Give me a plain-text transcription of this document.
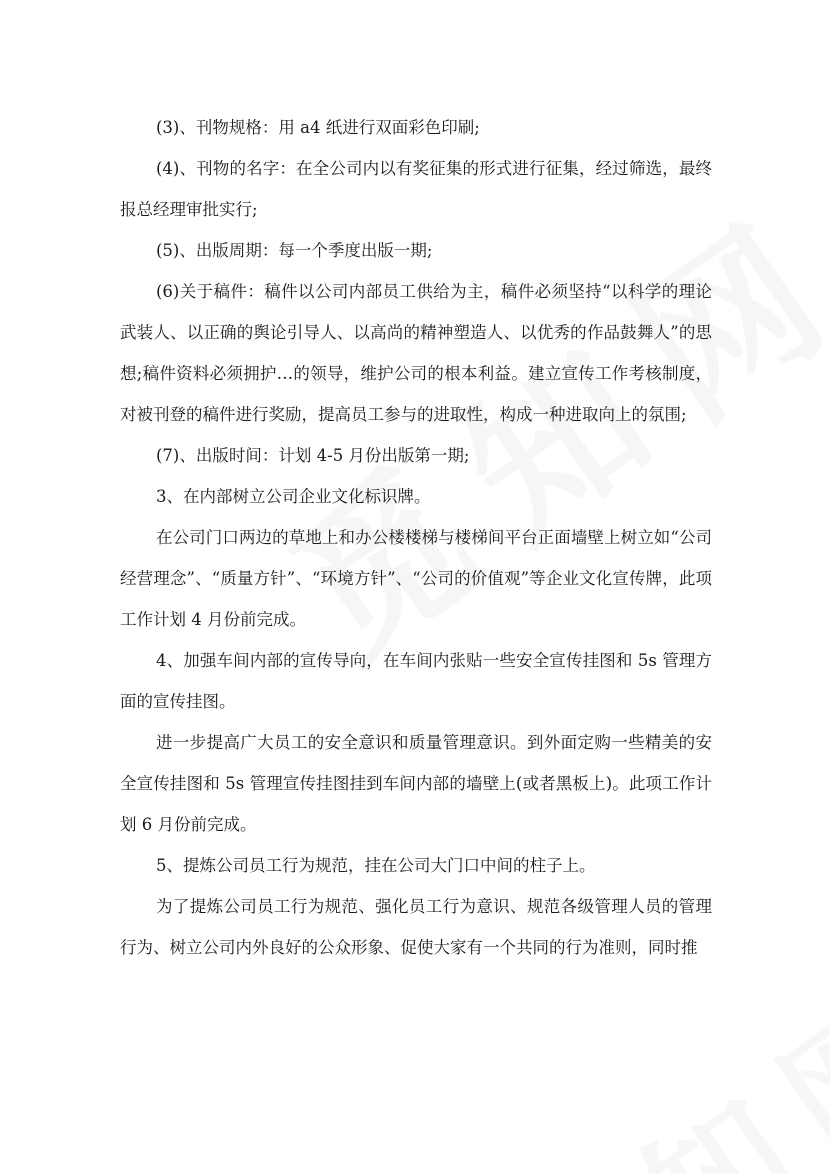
(3)、刊物规格：用 a4 纸进行双面彩色印刷;

(4)、刊物的名字：在全公司内以有奖征集的形式进行征集，经过筛选，最终报总经理审批实行;

(5)、出版周期：每一个季度出版一期;

(6)关于稿件：稿件以公司内部员工供给为主，稿件必须坚持“以科学的理论武装人、以正确的舆论引导人、以高尚的精神塑造人、以优秀的作品鼓舞人”的思想;稿件资料必须拥护…的领导，维护公司的根本利益。建立宣传工作考核制度，对被刊登的稿件进行奖励，提高员工参与的进取性，构成一种进取向上的氛围;

(7)、出版时间：计划 4-5 月份出版第一期;

3、在内部树立公司企业文化标识牌。

在公司门口两边的草地上和办公楼楼梯与楼梯间平台正面墙壁上树立如“公司经营理念”、“质量方针”、“环境方针”、“公司的价值观”等企业文化宣传牌，此项工作计划 4 月份前完成。

4、加强车间内部的宣传导向，在车间内张贴一些安全宣传挂图和 5s 管理方面的宣传挂图。

进一步提高广大员工的安全意识和质量管理意识。到外面定购一些精美的安全宣传挂图和 5s 管理宣传挂图挂到车间内部的墙壁上(或者黑板上)。此项工作计划 6 月份前完成。

5、提炼公司员工行为规范，挂在公司大门口中间的柱子上。

为了提炼公司员工行为规范、强化员工行为意识、规范各级管理人员的管理行为、树立公司内外良好的公众形象、促使大家有一个共同的行为准则，同时推
